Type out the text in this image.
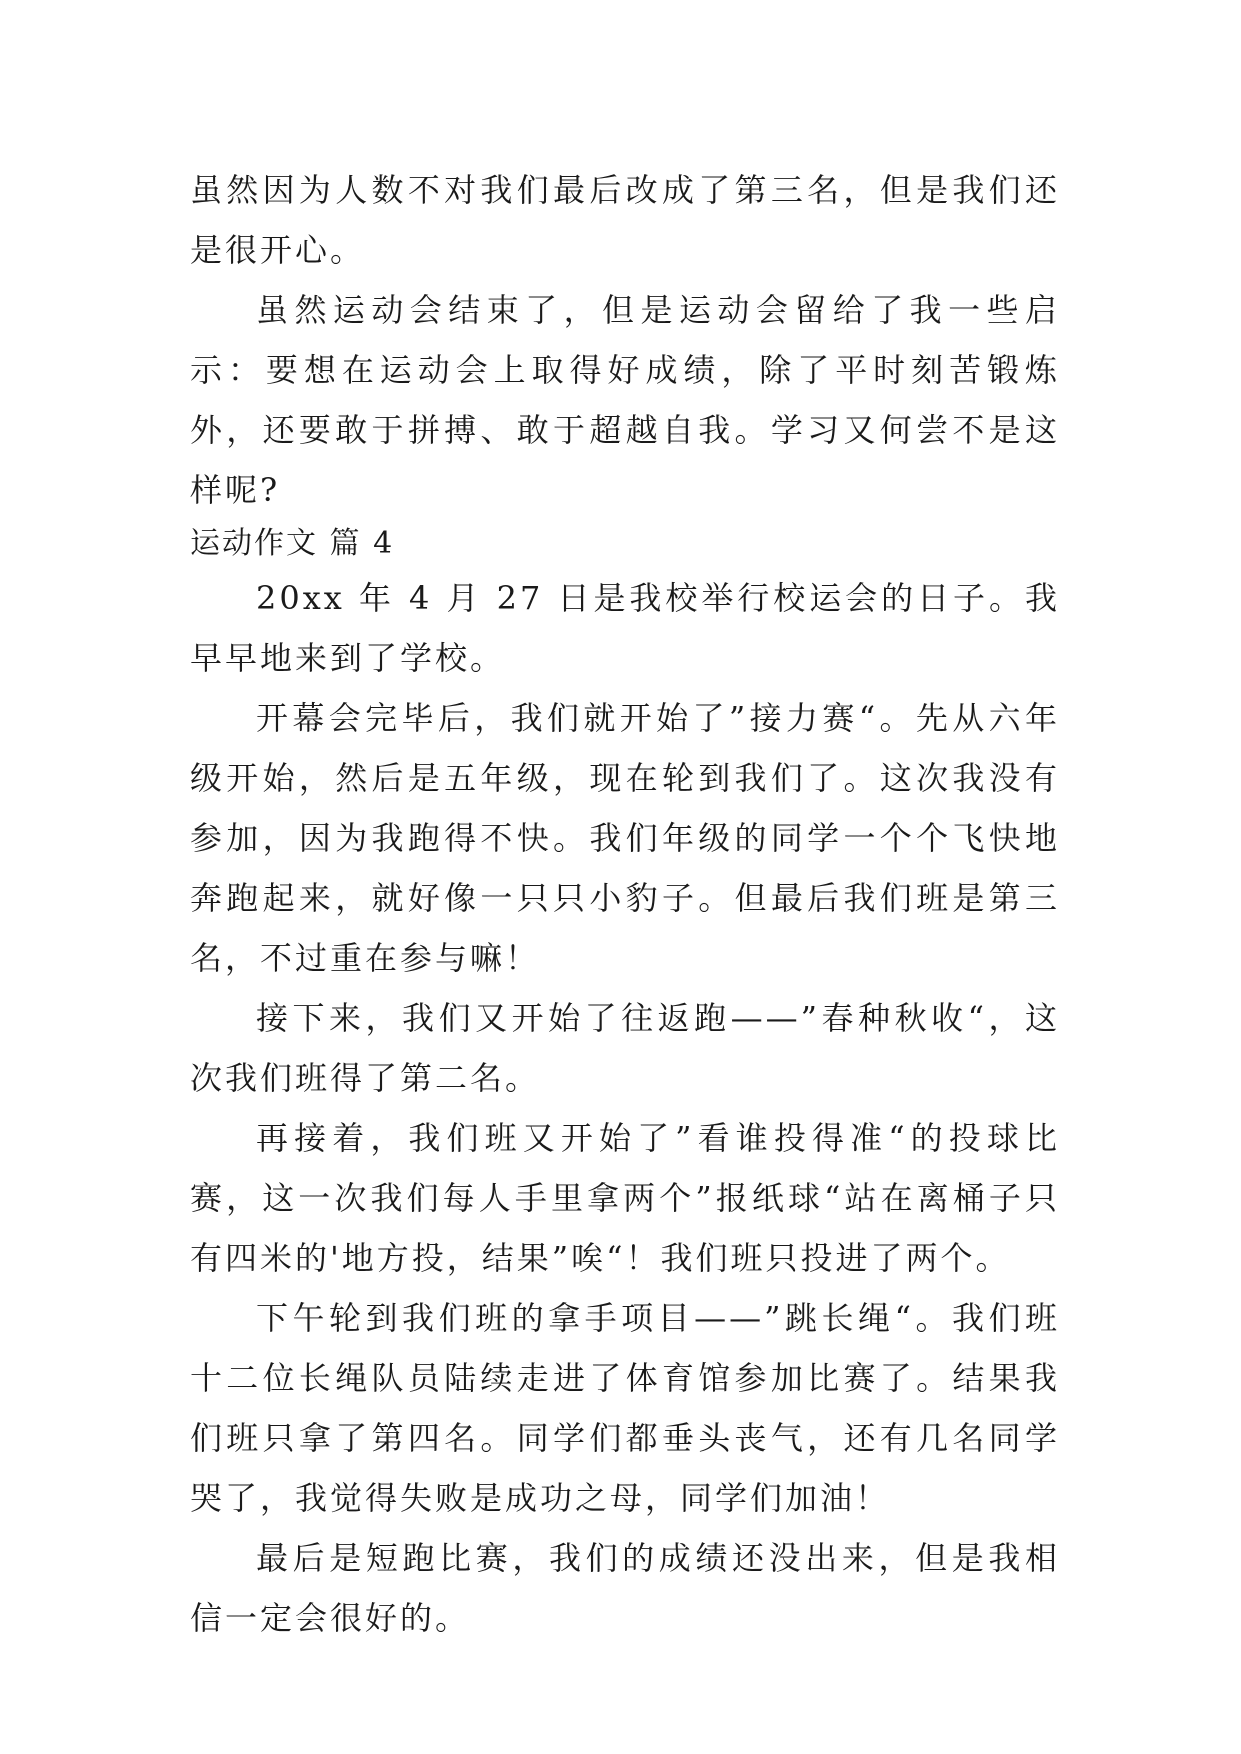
虽然因为人数不对我们最后改成了第三名，但是我们还是很开心。

虽然运动会结束了，但是运动会留给了我一些启示：要想在运动会上取得好成绩，除了平时刻苦锻炼外，还要敢于拼搏、敢于超越自我。学习又何尝不是这样呢?

运动作文 篇 4

20xx 年 4 月 27 日是我校举行校运会的日子。我早早地来到了学校。

开幕会完毕后，我们就开始了”接力赛“。先从六年级开始，然后是五年级，现在轮到我们了。这次我没有参加，因为我跑得不快。我们年级的同学一个个飞快地奔跑起来，就好像一只只小豹子。但最后我们班是第三名，不过重在参与嘛！

接下来，我们又开始了往返跑——”春种秋收“，这次我们班得了第二名。

再接着，我们班又开始了”看谁投得准“的投球比赛，这一次我们每人手里拿两个”报纸球“站在离桶子只有四米的'地方投，结果”唉“！我们班只投进了两个。

下午轮到我们班的拿手项目——”跳长绳“。我们班十二位长绳队员陆续走进了体育馆参加比赛了。结果我们班只拿了第四名。同学们都垂头丧气，还有几名同学哭了，我觉得失败是成功之母，同学们加油！

最后是短跑比赛，我们的成绩还没出来，但是我相信一定会很好的。
